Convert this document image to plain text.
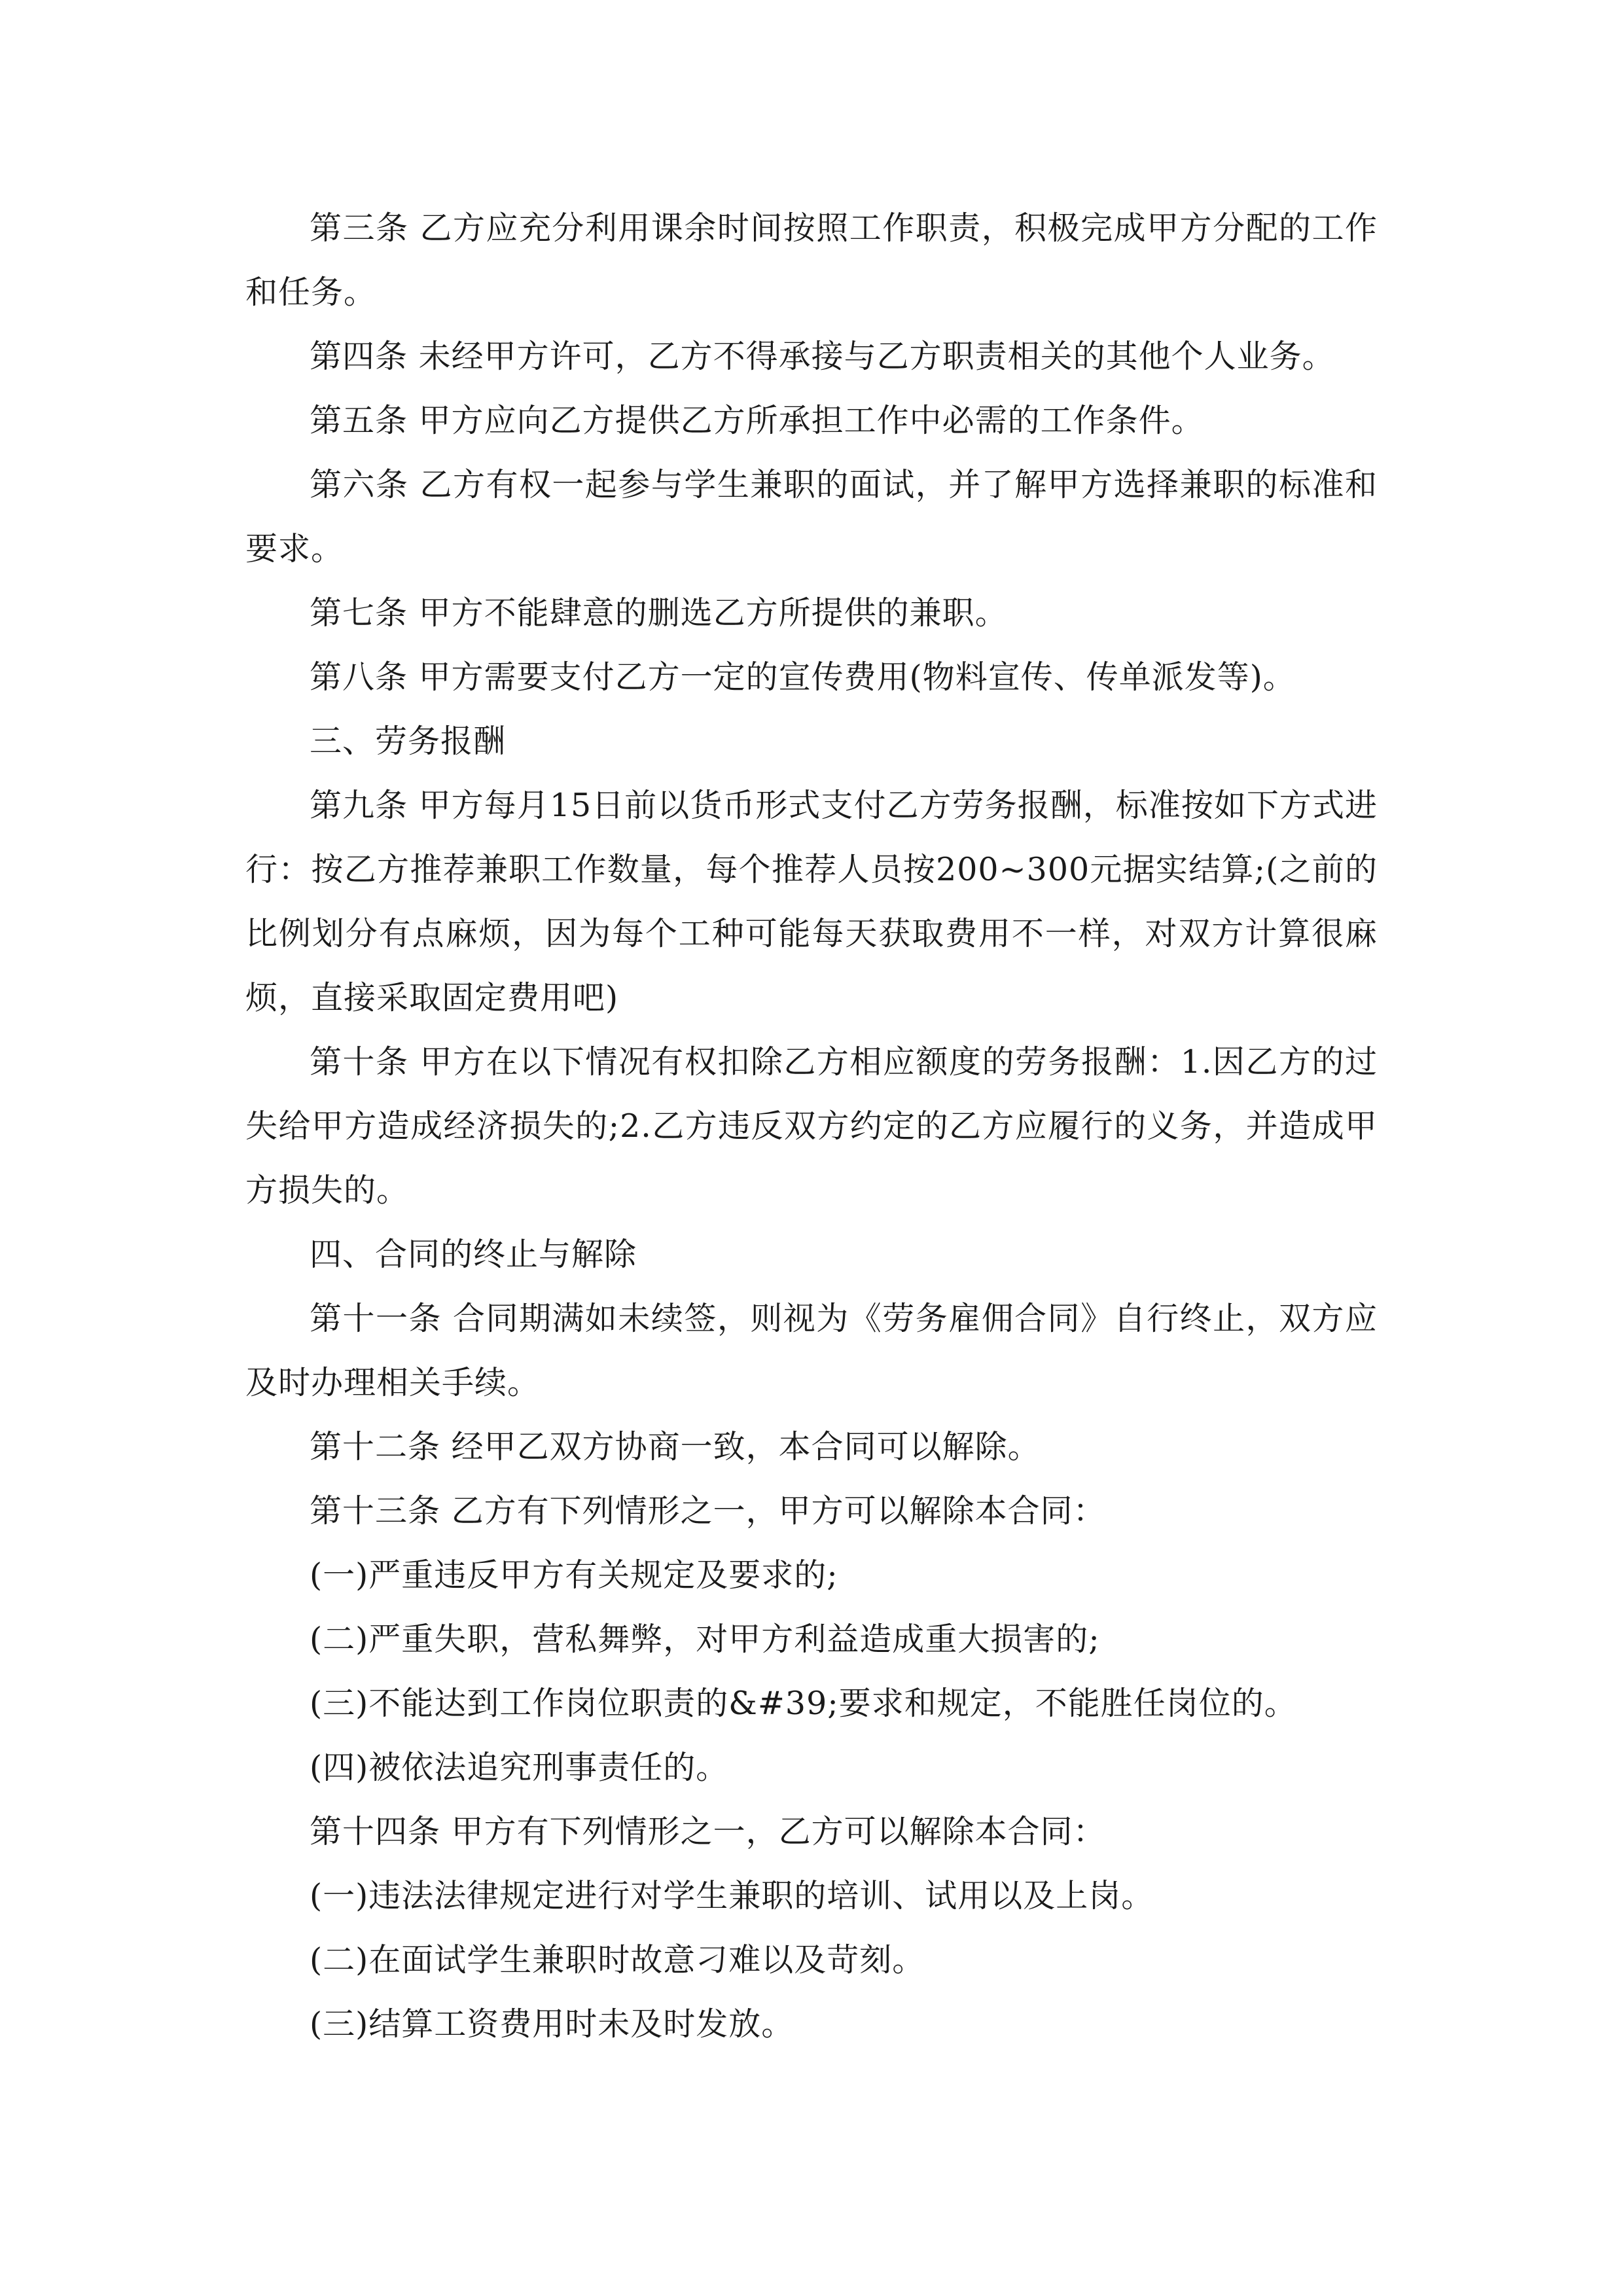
第三条 乙方应充分利用课余时间按照工作职责，积极完成甲方分配的工作和任务。

第四条 未经甲方许可，乙方不得承接与乙方职责相关的其他个人业务。

第五条 甲方应向乙方提供乙方所承担工作中必需的工作条件。

第六条 乙方有权一起参与学生兼职的面试，并了解甲方选择兼职的标准和要求。

第七条 甲方不能肆意的删选乙方所提供的兼职。

第八条 甲方需要支付乙方一定的宣传费用(物料宣传、传单派发等)。

三、劳务报酬

第九条 甲方每月15日前以货币形式支付乙方劳务报酬，标准按如下方式进行：按乙方推荐兼职工作数量，每个推荐人员按200~300元据实结算;(之前的比例划分有点麻烦，因为每个工种可能每天获取费用不一样，对双方计算很麻烦，直接采取固定费用吧)

第十条 甲方在以下情况有权扣除乙方相应额度的劳务报酬：1.因乙方的过失给甲方造成经济损失的;2.乙方违反双方约定的乙方应履行的义务，并造成甲方损失的。

四、合同的终止与解除

第十一条 合同期满如未续签，则视为《劳务雇佣合同》自行终止，双方应及时办理相关手续。

第十二条 经甲乙双方协商一致，本合同可以解除。

第十三条 乙方有下列情形之一，甲方可以解除本合同：

(一)严重违反甲方有关规定及要求的;

(二)严重失职，营私舞弊，对甲方利益造成重大损害的;

(三)不能达到工作岗位职责的&#39;要求和规定，不能胜任岗位的。

(四)被依法追究刑事责任的。

第十四条 甲方有下列情形之一，乙方可以解除本合同：

(一)违法法律规定进行对学生兼职的培训、试用以及上岗。

(二)在面试学生兼职时故意刁难以及苛刻。

(三)结算工资费用时未及时发放。
